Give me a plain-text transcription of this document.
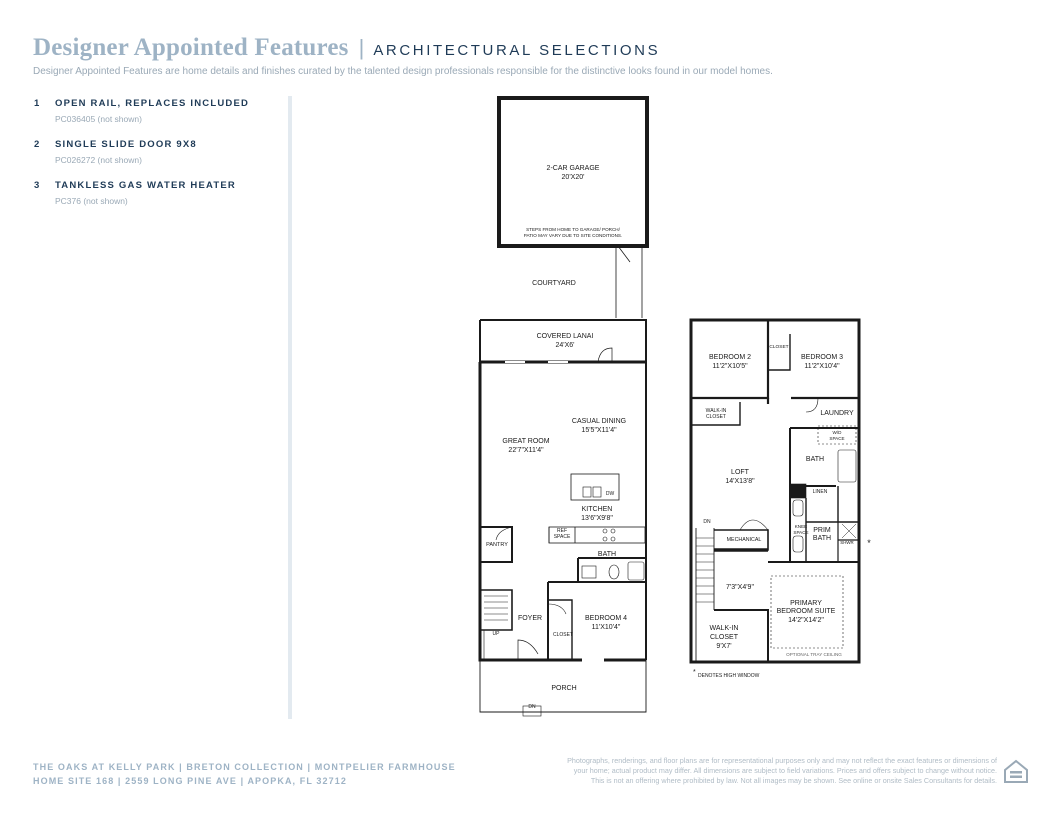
Designer Appointed Features | ARCHITECTURAL SELECTIONS
Designer Appointed Features are home details and finishes curated by the talented design professionals responsible for the distinctive looks found in our model homes.
1	OPEN RAIL, REPLACES INCLUDED
PC036405 (not shown)
2	SINGLE SLIDE DOOR 9X8
PC026272 (not shown)
3	TANKLESS GAS WATER HEATER
PC376 (not shown)
2-CAR GARAGE
20'X20'
STEPS FROM HOME TO GARAGE/ PORCH/
PATIO MAY VARY DUE TO SITE CONDITIONS.
COURTYARD
COVERED LANAI
24'X6'
CASUAL DINING
15'5"X11'4"
GREAT ROOM
22'7"X11'4"
DW
KITCHEN
13'6"X9'8"
REF
SPACE
PANTRY
BATH
FOYER	BEDROOM 4
11'X10'4"
CLOSET
UP
PORCH
DN
BEDROOM 2
11'2"X10'5"
CLOSET
BEDROOM 3
11'2"X10'4"
WALK-IN
CLOSET	LAUNDRY
W/D
SPACE
LOFT
14'X13'8"
BATH
LINEN
DN
MECHANICAL
KNEE
SPACE PRIM
BATH
SHWR *
7'3"X4'9"
PRIMARY
BEDROOM SUITE
14'2"X14'2"
OPTIONAL TRAY CEILING
WALK-IN
CLOSET
9'X7'
* DENOTES HIGH WINDOW
THE OAKS AT KELLY PARK | BRETON COLLECTION | MONTPELIER FARMHOUSE
HOME SITE 168 | 2559 LONG PINE AVE | APOPKA, FL 32712
Photographs, renderings, and floor plans are for representational purposes only and may not reflect the exact features or dimensions of
your home; actual product may differ. All dimensions are subject to field variations. Prices and offers subject to change without notice.
This is not an offering where prohibited by law. Not all images may be shown. See online or onsite Sales Consultants for details.
